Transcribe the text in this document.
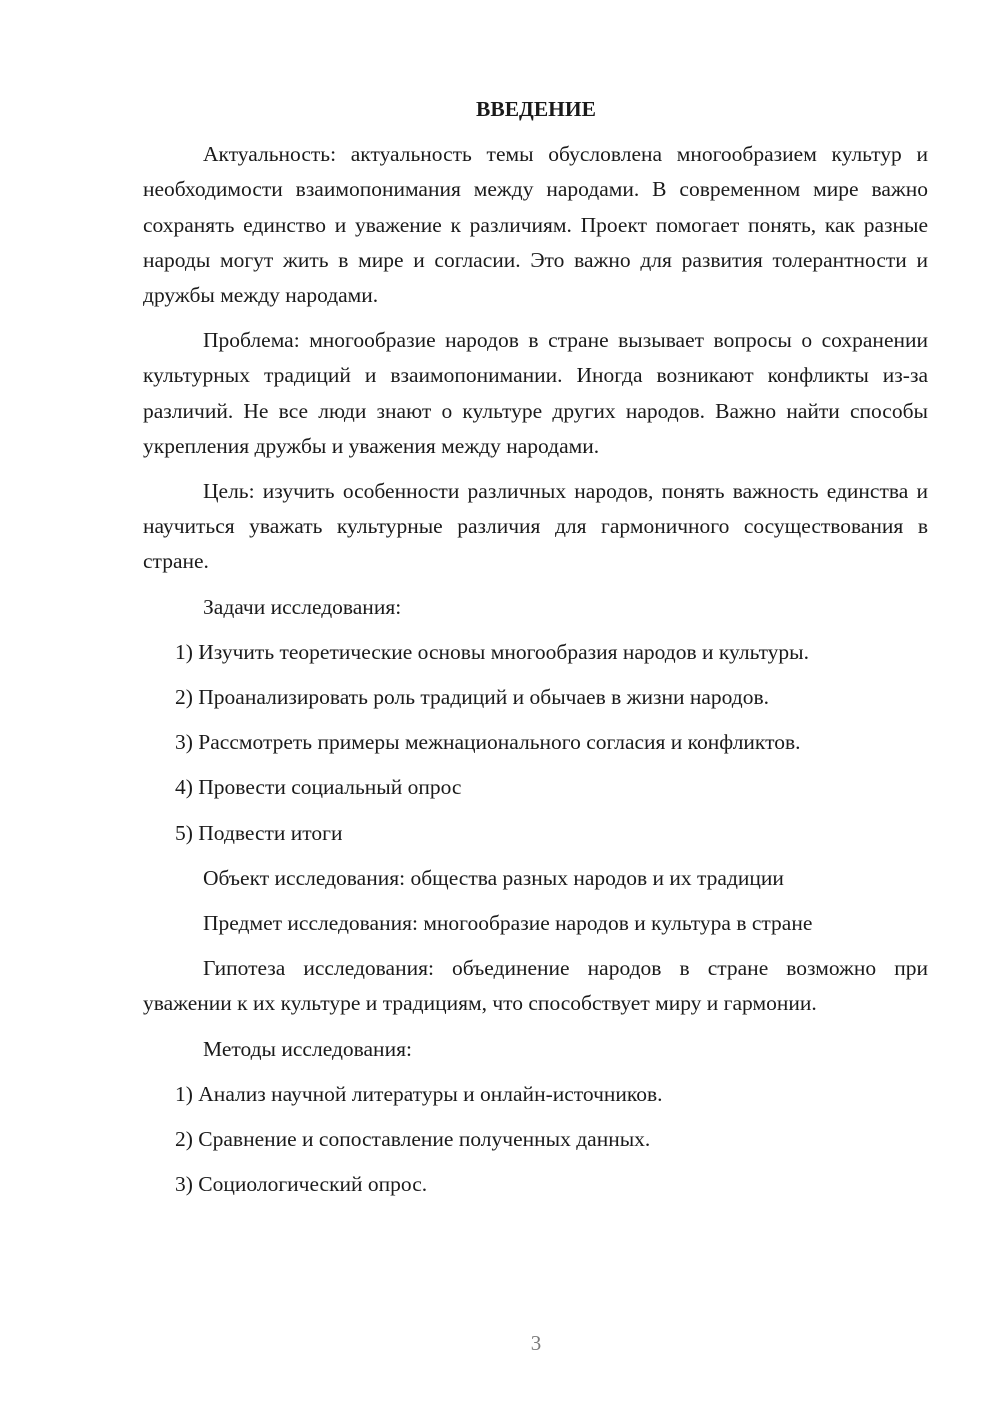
ВВЕДЕНИЕ

Актуальность: актуальность темы обусловлена многообразием культур и необходимости взаимопонимания между народами. В современном мире важно сохранять единство и уважение к различиям. Проект помогает понять, как разные народы могут жить в мире и согласии. Это важно для развития толерантности и дружбы между народами.

Проблема: многообразие народов в стране вызывает вопросы о сохранении культурных традиций и взаимопонимании. Иногда возникают конфликты из-за различий. Не все люди знают о культуре других народов. Важно найти способы укрепления дружбы и уважения между народами.

Цель: изучить особенности различных народов, понять важность единства и научиться уважать культурные различия для гармоничного сосуществования в стране.

Задачи исследования:

1) Изучить теоретические основы многообразия народов и культуры.
2) Проанализировать роль традиций и обычаев в жизни народов.
3) Рассмотреть примеры межнационального согласия и конфликтов.
4) Провести социальный опрос
5) Подвести итоги

Объект исследования: общества разных народов и их традиции

Предмет исследования: многообразие народов и культура в стране

Гипотеза исследования: объединение народов в стране возможно при уважении к их культуре и традициям, что способствует миру и гармонии.

Методы исследования:

1) Анализ научной литературы и онлайн-источников.
2) Сравнение и сопоставление полученных данных.
3) Социологический опрос.
3
